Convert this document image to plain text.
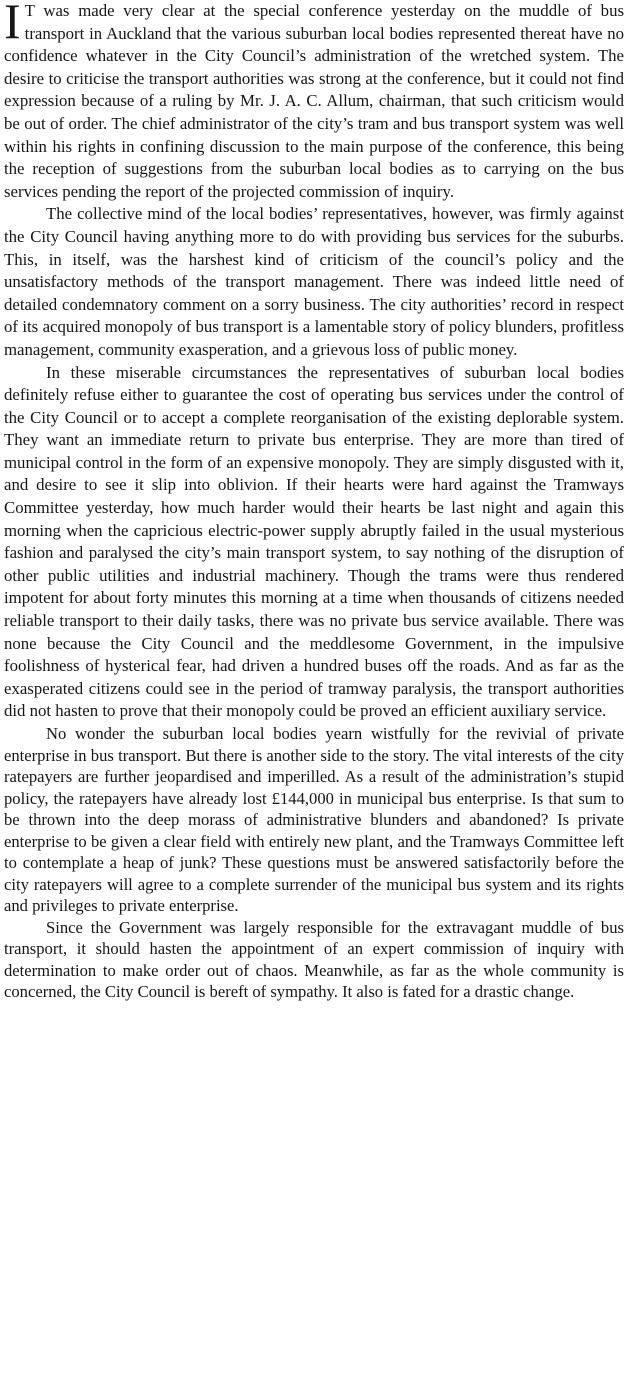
I T was made very clear at the special conference yesterday on the muddle of bus transport in Auckland that the various suburban local bodies represented thereat have no confidence whatever in the City Council’s administration of the wretched system. The desire to criticise the transport authorities was strong at the conference, but it could not find expression because of a ruling by Mr. J. A. C. Allum, chairman, that such criticism would be out of order. The chief administrator of the city’s tram and bus transport system was well within his rights in confining discussion to the main purpose of the conference, this being the reception of suggestions from the suburban local bodies as to carrying on the bus services pending the report of the projected commission of inquiry.

The collective mind of the local bodies’ representatives, however, was firmly against the City Council having anything more to do with providing bus services for the suburbs. This, in itself, was the harshest kind of criticism of the council’s policy and the unsatisfactory methods of the transport management. There was indeed little need of detailed condemnatory comment on a sorry business. The city authorities’ record in respect of its acquired monopoly of bus transport is a lamentable story of policy blunders, profitless management, community exasperation, and a grievous loss of public money.

In these miserable circumstances the representatives of suburban local bodies definitely refuse either to guarantee the cost of operating bus services under the control of the City Council or to accept a complete reorganisation of the existing deplorable system. They want an immediate return to private bus enterprise. They are more than tired of municipal control in the form of an expensive monopoly. They are simply disgusted with it, and desire to see it slip into oblivion. If their hearts were hard against the Tramways Committee yesterday, how much harder would their hearts be last night and again this morning when the capricious electric-power supply abruptly failed in the usual mysterious fashion and paralysed the city’s main transport system, to say nothing of the disruption of other public utilities and industrial machinery. Though the trams were thus rendered impotent for about forty minutes this morning at a time when thousands of citizens needed reliable transport to their daily tasks, there was no private bus service available. There was none because the City Council and the meddlesome Government, in the impulsive foolishness of hysterical fear, had driven a hundred buses off the roads. And as far as the exasperated citizens could see in the period of tramway paralysis, the transport authorities did not hasten to prove that their monopoly could be proved an efficient auxiliary service.

No wonder the suburban local bodies yearn wistfully for the revivial of private enterprise in bus transport. But there is another side to the story. The vital interests of the city ratepayers are further jeopardised and imperilled. As a result of the administration’s stupid policy, the ratepayers have already lost £144,000 in municipal bus enterprise. Is that sum to be thrown into the deep morass of administrative blunders and abandoned? Is private enterprise to be given a clear field with entirely new plant, and the Tramways Committee left to contemplate a heap of junk? These questions must be answered satisfactorily before the city ratepayers will agree to a complete surrender of the municipal bus system and its rights and privileges to private enterprise.

Since the Government was largely responsible for the extravagant muddle of bus transport, it should hasten the appointment of an expert commission of inquiry with determination to make order out of chaos. Meanwhile, as far as the whole community is concerned, the City Council is bereft of sympathy. It also is fated for a drastic change.
